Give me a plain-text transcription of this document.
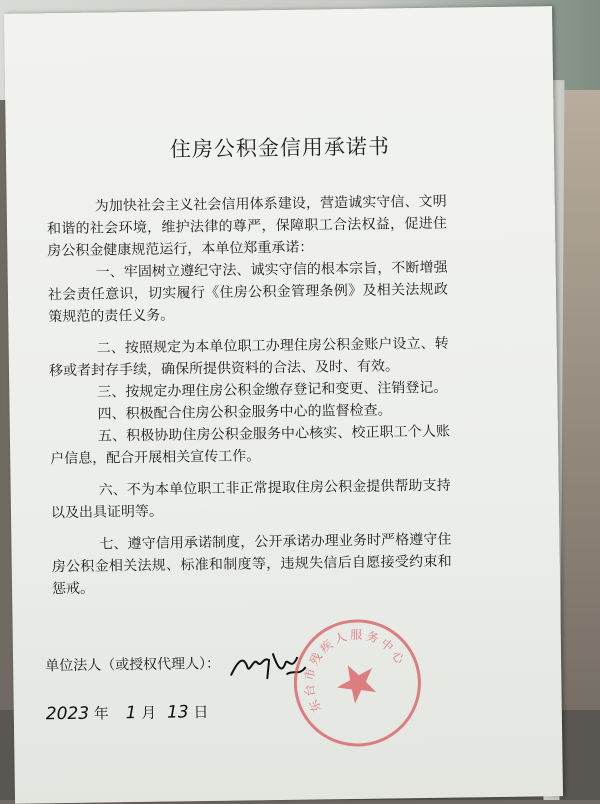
住房公积金信用承诺书

为加快社会主义社会信用体系建设，营造诚实守信、文明和谐的社会环境，维护法律的尊严，保障职工合法权益，促进住房公积金健康规范运行，本单位郑重承诺：

一、牢固树立遵纪守法、诚实守信的根本宗旨，不断增强社会责任意识，切实履行《住房公积金管理条例》及相关法规政策规范的责任义务。

二、按照规定为本单位职工办理住房公积金账户设立、转移或者封存手续，确保所提供资料的合法、及时、有效。

三、按规定办理住房公积金缴存登记和变更、注销登记。

四、积极配合住房公积金服务中心的监督检查。

五、积极协助住房公积金服务中心核实、校正职工个人账户信息，配合开展相关宣传工作。

六、不为本单位职工非正常提取住房公积金提供帮助支持以及出具证明等。

七、遵守信用承诺制度，公开承诺办理业务时严格遵守住房公积金相关法规、标准和制度等，违规失信后自愿接受约束和惩戒。

单位法人（或授权代理人）：
东台市残疾人服务中心
2023 年 1 月 13 日
